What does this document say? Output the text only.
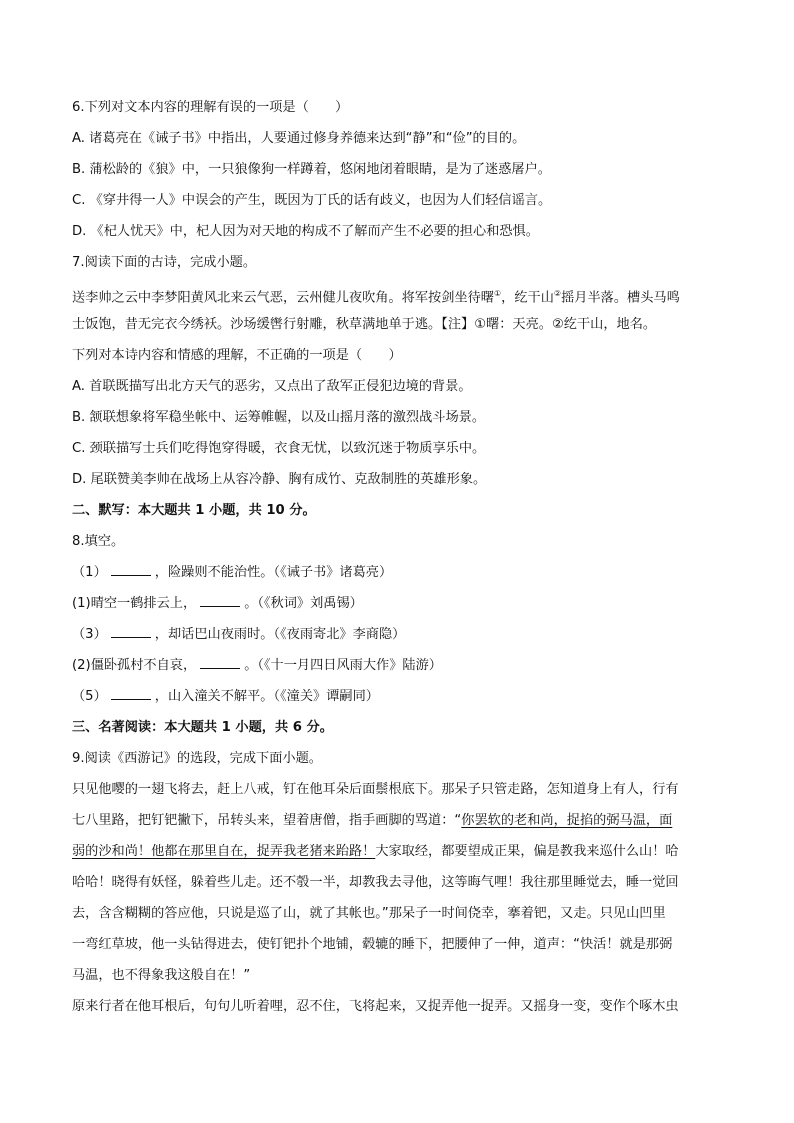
6.下列对文本内容的理解有误的一项是（　　）
A. 诸葛亮在《诫子书》中指出，人要通过修身养德来达到“静”和“俭”的目的。
B. 蒲松龄的《狼》中，一只狼像狗一样蹲着，悠闲地闭着眼睛，是为了迷惑屠户。
C. 《穿井得一人》中误会的产生，既因为丁氏的话有歧义，也因为人们轻信谣言。
D. 《杞人忧天》中，杞人因为对天地的构成不了解而产生不必要的担心和恐惧。
7.阅读下面的古诗，完成小题。
送李帅之云中李梦阳黄风北来云气恶，云州健儿夜吹角。将军按剑坐待曙①，纥干山②摇月半落。槽头马鸣
士饭饱，昔无完衣今绣袄。沙场缓辔行射雕，秋草满地单于逃。【注】①曙：天亮。②纥干山，地名。
下列对本诗内容和情感的理解，不正确的一项是（　　）
A. 首联既描写出北方天气的恶劣，又点出了敌军正侵犯边境的背景。
B. 颔联想象将军稳坐帐中、运筹帷幄，以及山摇月落的激烈战斗场景。
C. 颈联描写士兵们吃得饱穿得暖，衣食无忧，以致沉迷于物质享乐中。
D. 尾联赞美李帅在战场上从容冷静、胸有成竹、克敌制胜的英雄形象。
二、默写：本大题共 1 小题，共 10 分。
8.填空。
（1）	，险躁则不能治性。（《诫子书》诸葛亮）
(1)晴空一鹤排云上，	。（《秋词》刘禹锡）
（3）	，却话巴山夜雨时。（《夜雨寄北》李商隐）
(2)僵卧孤村不自哀，	。（《十一月四日风雨大作》陆游）
（5）	，山入潼关不解平。（《潼关》谭嗣同）
三、名著阅读：本大题共 1 小题，共 6 分。
9.阅读《西游记》的选段，完成下面小题。
只见他嘤的一翅飞将去，赶上八戒，钉在他耳朵后面鬃根底下。那呆子只管走路，怎知道身上有人，行有
七八里路，把钉钯撇下，吊转头来，望着唐僧，指手画脚的骂道：“你罢软的老和尚，捉掐的弼马温，面
弱的沙和尚！他都在那里自在，捉弄我老猪来跆路！大家取经，都要望成正果，偏是教我来巡什么山！哈
哈哈！晓得有妖怪，躲着些儿走。还不彀一半，却教我去寻他，这等晦气哩！我往那里睡觉去，睡一觉回
去，含含糊糊的答应他，只说是巡了山，就了其帐也。”那呆子一时间侥幸，搴着钯，又走。只见山凹里
一弯红草坡，他一头钻得进去，使钉钯扑个地铺，毂辘的睡下，把腰伸了一伸，道声：“快活！就是那弼
马温，也不得象我这般自在！”
原来行者在他耳根后，句句儿听着哩，忍不住，飞将起来，又捉弄他一捉弄。又摇身一变，变作个啄木虫
